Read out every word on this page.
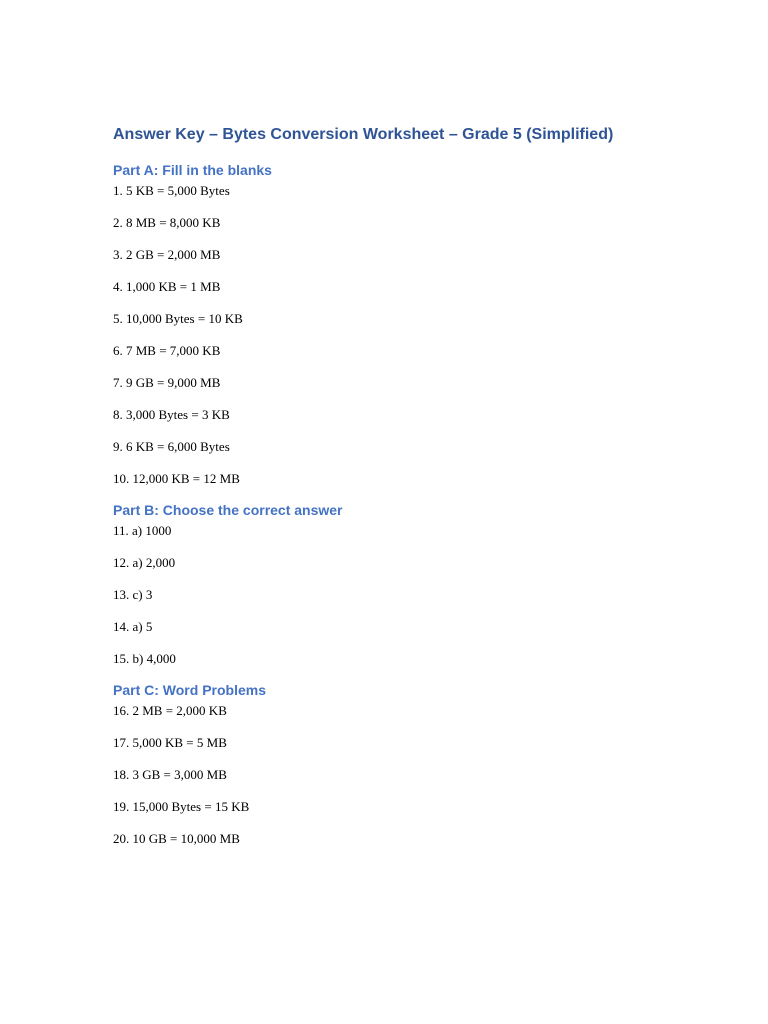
Answer Key – Bytes Conversion Worksheet – Grade 5 (Simplified)
Part A: Fill in the blanks
1. 5 KB = 5,000 Bytes
2. 8 MB = 8,000 KB
3. 2 GB = 2,000 MB
4. 1,000 KB = 1 MB
5. 10,000 Bytes = 10 KB
6. 7 MB = 7,000 KB
7. 9 GB = 9,000 MB
8. 3,000 Bytes = 3 KB
9. 6 KB = 6,000 Bytes
10. 12,000 KB = 12 MB
Part B: Choose the correct answer
11. a) 1000
12. a) 2,000
13. c) 3
14. a) 5
15. b) 4,000
Part C: Word Problems
16. 2 MB = 2,000 KB
17. 5,000 KB = 5 MB
18. 3 GB = 3,000 MB
19. 15,000 Bytes = 15 KB
20. 10 GB = 10,000 MB
